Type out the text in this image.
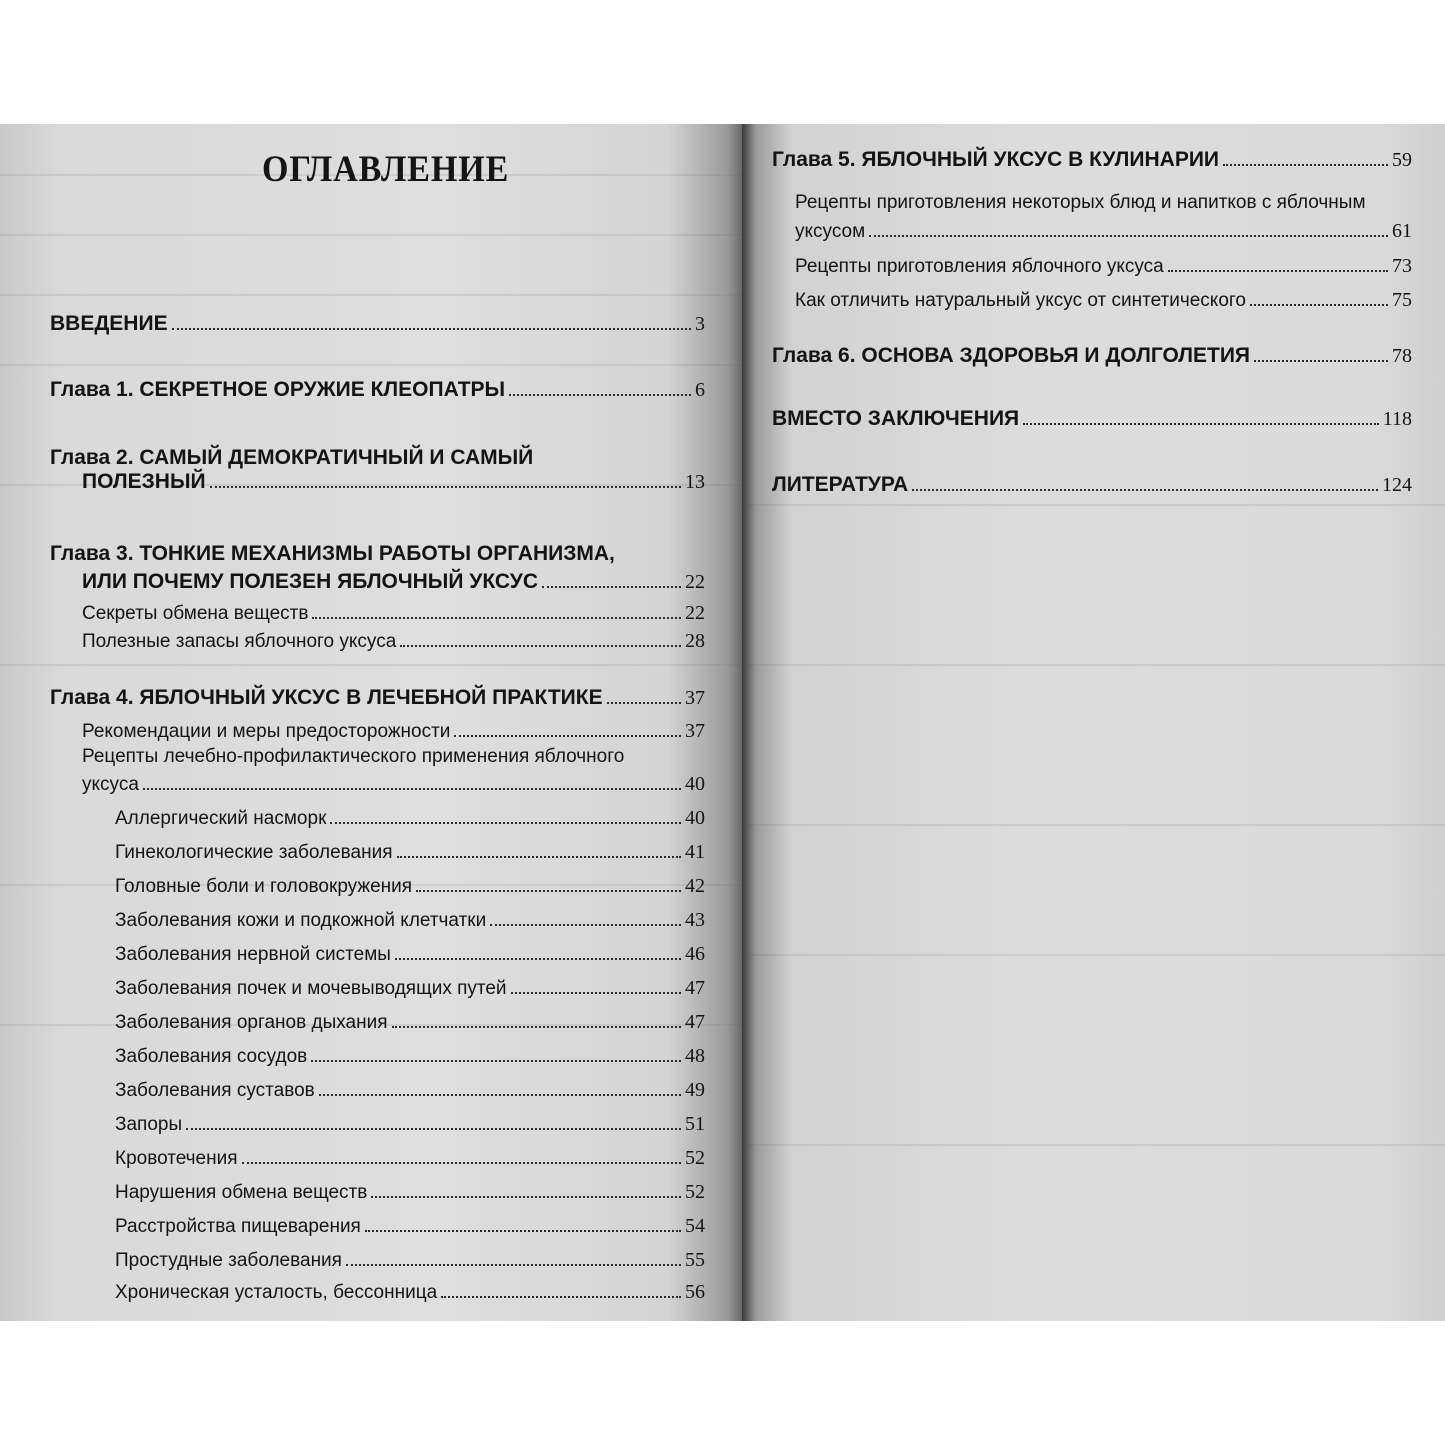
ОГЛАВЛЕНИЕ
ВВЕДЕНИЕ	3
Глава 1. СЕКРЕТНОЕ ОРУЖИЕ КЛЕОПАТРЫ	6
Глава 2. САМЫЙ ДЕМОКРАТИЧНЫЙ И САМЫЙ
ПОЛЕЗНЫЙ	13
Глава 3. ТОНКИЕ МЕХАНИЗМЫ РАБОТЫ ОРГАНИЗМА,
ИЛИ ПОЧЕМУ ПОЛЕЗЕН ЯБЛОЧНЫЙ УКСУС	22
Секреты обмена веществ	22
Полезные запасы яблочного уксуса	28
Глава 4. ЯБЛОЧНЫЙ УКСУС В ЛЕЧЕБНОЙ ПРАКТИКЕ	37
Рекомендации и меры предосторожности	37
Рецепты лечебно-профилактического применения яблочного
уксуса	40
Аллергический насморк	40
Гинекологические заболевания	41
Головные боли и головокружения	42
Заболевания кожи и подкожной клетчатки	43
Заболевания нервной системы	46
Заболевания почек и мочевыводящих путей	47
Заболевания органов дыхания	47
Заболевания сосудов	48
Заболевания суставов	49
Запоры	51
Кровотечения	52
Нарушения обмена веществ	52
Расстройства пищеварения	54
Простудные заболевания	55
Хроническая усталость, бессонница	56
Глава 5. ЯБЛОЧНЫЙ УКСУС В КУЛИНАРИИ	59
Рецепты приготовления некоторых блюд и напитков с яблочным
уксусом	61
Рецепты приготовления яблочного уксуса	73
Как отличить натуральный уксус от синтетического	75
Глава 6. ОСНОВА ЗДОРОВЬЯ И ДОЛГОЛЕТИЯ	78
ВМЕСТО ЗАКЛЮЧЕНИЯ	118
ЛИТЕРАТУРА	124
